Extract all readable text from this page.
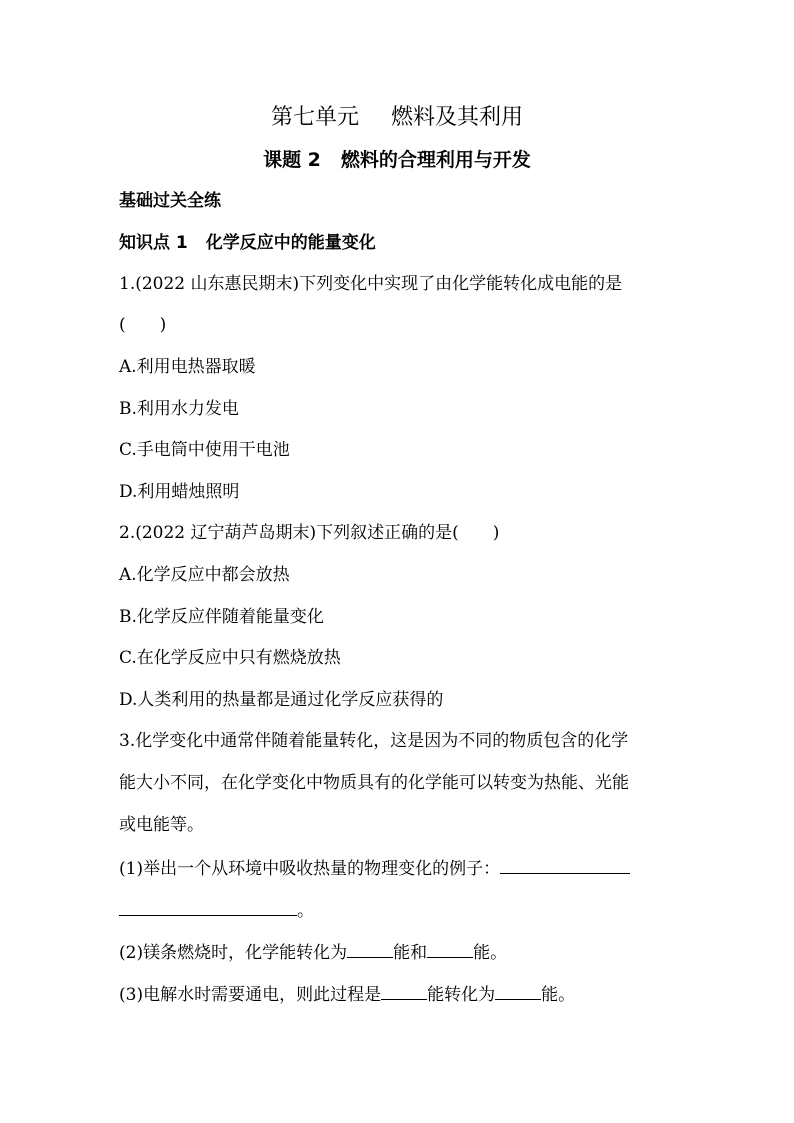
第七单元 燃料及其利用
课题 2 燃料的合理利用与开发
基础过关全练
知识点 1 化学反应中的能量变化
1.(2022 山东惠民期末)下列变化中实现了由化学能转化成电能的是
(　　)
A.利用电热器取暖
B.利用水力发电
C.手电筒中使用干电池
D.利用蜡烛照明
2.(2022 辽宁葫芦岛期末)下列叙述正确的是(　　)
A.化学反应中都会放热
B.化学反应伴随着能量变化
C.在化学反应中只有燃烧放热
D.人类利用的热量都是通过化学反应获得的
3.化学变化中通常伴随着能量转化，这是因为不同的物质包含的化学
能大小不同，在化学变化中物质具有的化学能可以转变为热能、光能
或电能等。
(1)举出一个从环境中吸收热量的物理变化的例子：
。
(2)镁条燃烧时，化学能转化为	能和	能。
(3)电解水时需要通电，则此过程是	能转化为	能。
